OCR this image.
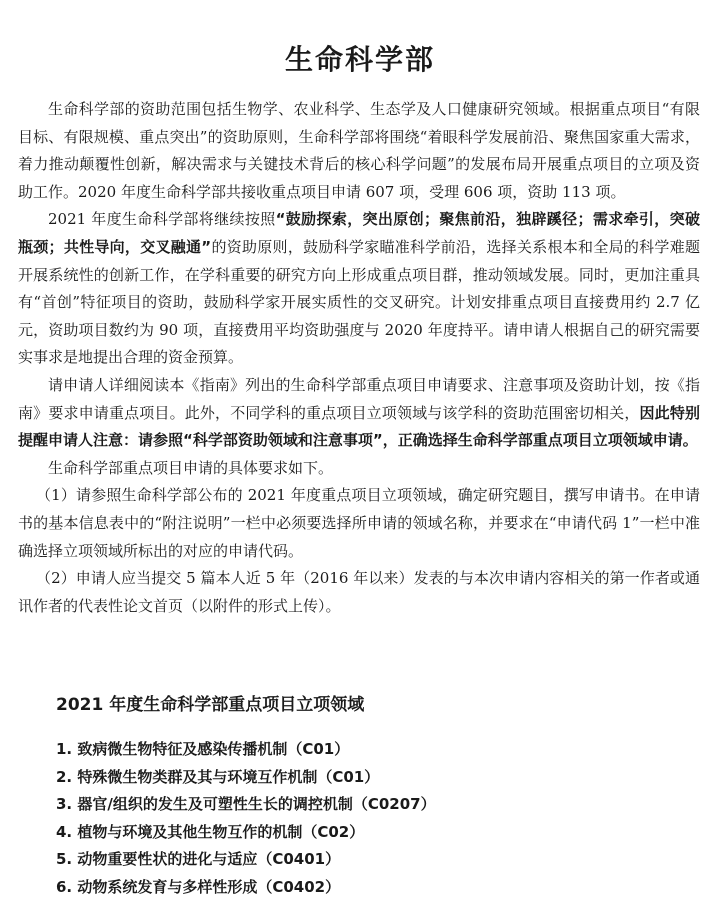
生命科学部

生命科学部的资助范围包括生物学、农业科学、生态学及人口健康研究领域。根据重点项目“有限目标、有限规模、重点突出”的资助原则，生命科学部将围绕“着眼科学发展前沿、聚焦国家重大需求，着力推动颠覆性创新，解决需求与关键技术背后的核心科学问题”的发展布局开展重点项目的立项及资助工作。2020 年度生命科学部共接收重点项目申请 607 项，受理 606 项，资助 113 项。

2021 年度生命科学部将继续按照“鼓励探索，突出原创；聚焦前沿，独辟蹊径；需求牵引，突破瓶颈；共性导向，交叉融通”的资助原则，鼓励科学家瞄准科学前沿，选择关系根本和全局的科学难题开展系统性的创新工作，在学科重要的研究方向上形成重点项目群，推动领域发展。同时，更加注重具有“首创”特征项目的资助，鼓励科学家开展实质性的交叉研究。计划安排重点项目直接费用约 2.7 亿元，资助项目数约为 90 项，直接费用平均资助强度与 2020 年度持平。请申请人根据自己的研究需要实事求是地提出合理的资金预算。

请申请人详细阅读本《指南》列出的生命科学部重点项目申请要求、注意事项及资助计划，按《指南》要求申请重点项目。此外，不同学科的重点项目立项领域与该学科的资助范围密切相关，因此特别提醒申请人注意：请参照“科学部资助领域和注意事项”，正确选择生命科学部重点项目立项领域申请。

生命科学部重点项目申请的具体要求如下。

（1）请参照生命科学部公布的 2021 年度重点项目立项领域，确定研究题目，撰写申请书。在申请书的基本信息表中的“附注说明”一栏中必须要选择所申请的领域名称，并要求在“申请代码 1”一栏中准确选择立项领域所标出的对应的申请代码。

（2）申请人应当提交 5 篇本人近 5 年（2016 年以来）发表的与本次申请内容相关的第一作者或通讯作者的代表性论文首页（以附件的形式上传）。

2021 年度生命科学部重点项目立项领域
1. 致病微生物特征及感染传播机制（C01）
2. 特殊微生物类群及其与环境互作机制（C01）
3. 器官/组织的发生及可塑性生长的调控机制（C0207）
4. 植物与环境及其他生物互作的机制（C02）
5. 动物重要性状的进化与适应（C0401）
6. 动物系统发育与多样性形成（C0402）
